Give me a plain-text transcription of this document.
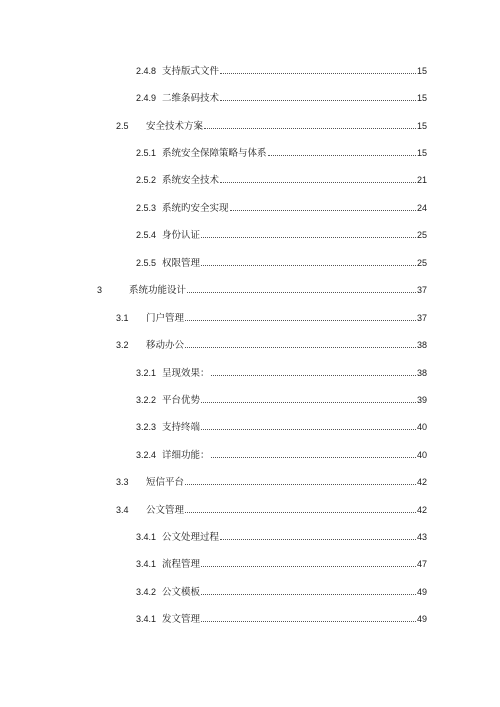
2.4.8 支持版式文件	15
2.4.9 二维条码技术	15
2.5	安全技术方案	15
2.5.1 系统安全保障策略与体系	15
2.5.2 系统安全技术	21
2.5.3 系统旳安全实现	24
2.5.4 身份认证	25
2.5.5 权限管理	25
3	系统功能设计	37
3.1	门户管理	37
3.2	移动办公	38
3.2.1 呈现效果：	38
3.2.2 平台优势	39
3.2.3 支持终端	40
3.2.4 详细功能：	40
3.3	短信平台	42
3.4	公文管理	42
3.4.1 公文处理过程	43
3.4.1 流程管理	47
3.4.2 公文模板	49
3.4.1 发文管理	49
